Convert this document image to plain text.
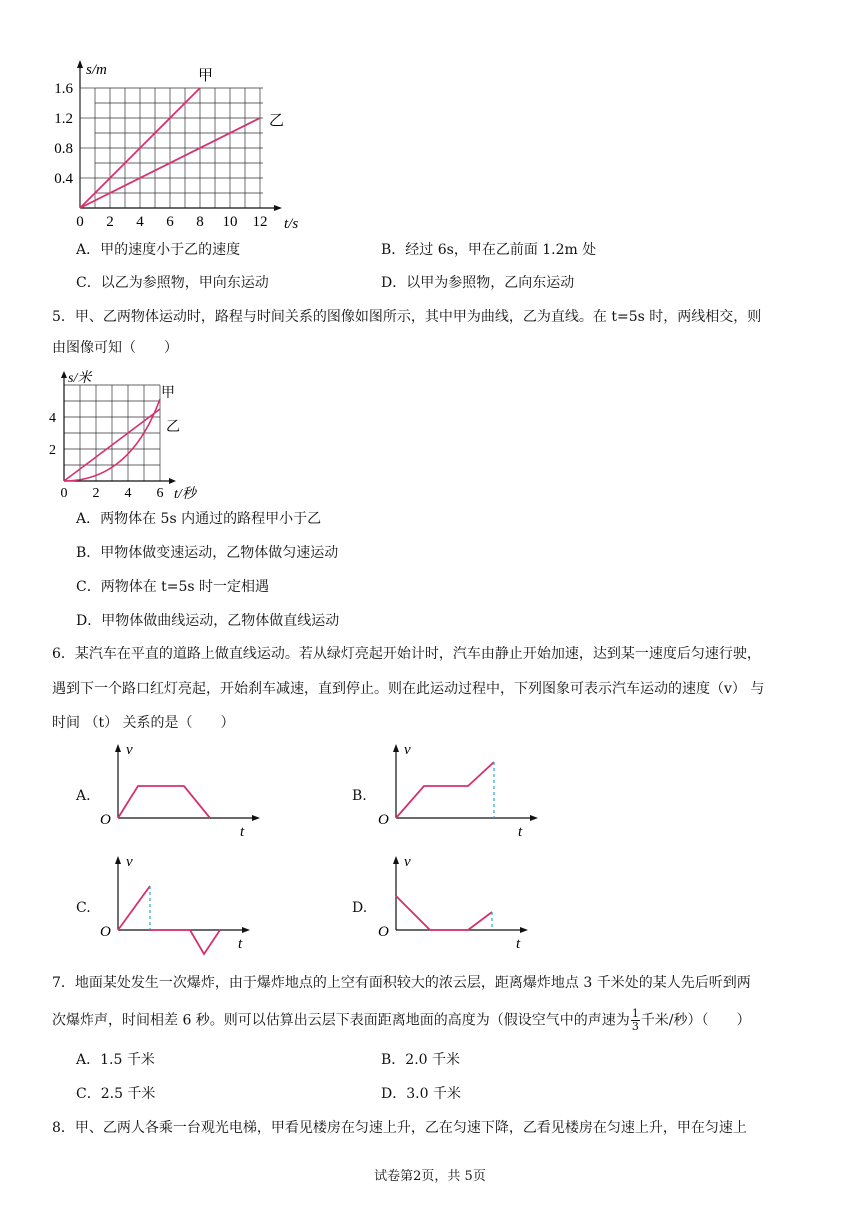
s/m
1.6
1.2
0.8
0.4
0 2 4 6 8 10 12 t/s
甲
乙
A．甲的速度小于乙的速度	B．经过 6s，甲在乙前面 1.2m 处
C．以乙为参照物，甲向东运动	D．以甲为参照物，乙向东运动
5．甲、乙两物体运动时，路程与时间关系的图像如图所示，其中甲为曲线，乙为直线。在 t=5s 时，两线相交，则
由图像可知（　　）
s/米
4
2
0 2 4 6 t/秒
甲
乙
A．两物体在 5s 内通过的路程甲小于乙
B．甲物体做变速运动，乙物体做匀速运动
C．两物体在 t=5s 时一定相遇
D．甲物体做曲线运动，乙物体做直线运动
6．某汽车在平直的道路上做直线运动。若从绿灯亮起开始计时，汽车由静止开始加速，达到某一速度后匀速行驶，
遇到下一个路口红灯亮起，开始刹车减速，直到停止。则在此运动过程中，下列图象可表示汽车运动的速度（v） 与
时间 （t） 关系的是（　　）
A.
v
t
O
B.
v
t
O
C.
v
t
O
D.
v
t
O
7．地面某处发生一次爆炸，由于爆炸地点的上空有面积较大的浓云层，距离爆炸地点 3 千米处的某人先后听到两
次爆炸声，时间相差 6 秒。则可以估算出云层下表面距离地面的高度为（假设空气中的声速为 $\frac{1}{3}$ 千米/秒）（　　）
A．1.5 千米	B．2.0 千米
C．2.5 千米	D．3.0 千米
8．甲、乙两人各乘一台观光电梯，甲看见楼房在匀速上升，乙在匀速下降，乙看见楼房在匀速上升，甲在匀速上
试卷第2页，共 5页
